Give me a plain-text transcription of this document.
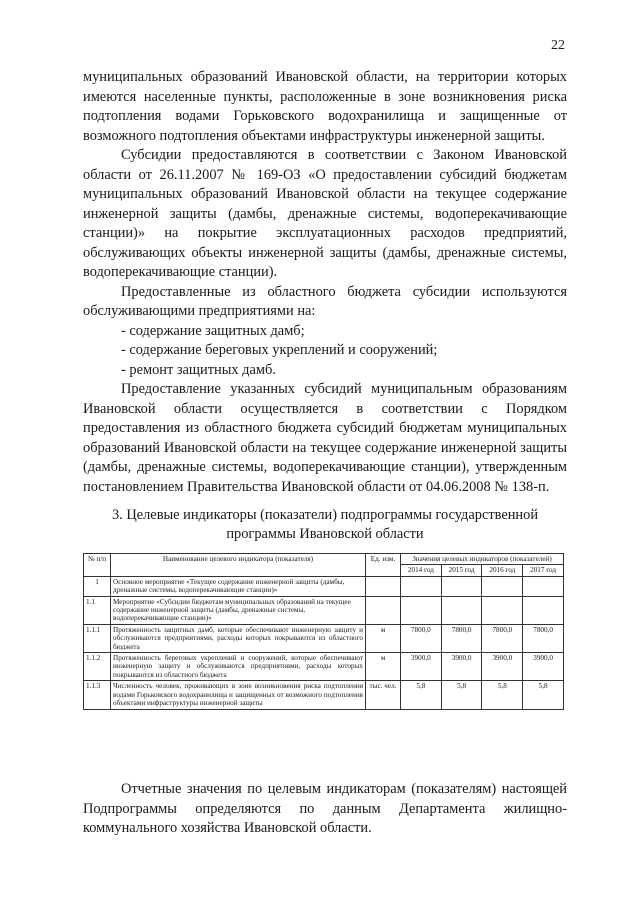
22

муниципальных образований Ивановской области, на территории которых имеются населенные пункты, расположенные в зоне возникновения риска подтопления водами Горьковского водохранилища и защищенные от возможного подтопления объектами инфраструктуры инженерной защиты.

Субсидии предоставляются в соответствии с Законом Ивановской области от 26.11.2007 № 169-ОЗ «О предоставлении субсидий бюджетам муниципальных образований Ивановской области на текущее содержание инженерной защиты (дамбы, дренажные системы, водоперекачивающие станции)» на покрытие эксплуатационных расходов предприятий, обслуживающих объекты инженерной защиты (дамбы, дренажные системы, водоперекачивающие станции).

Предоставленные из областного бюджета субсидии используются обслуживающими предприятиями на:

- содержание защитных дамб;

- содержание береговых укреплений и сооружений;

- ремонт защитных дамб.

Предоставление указанных субсидий муниципальным образованиям Ивановской области осуществляется в соответствии с Порядком предоставления из областного бюджета субсидий бюджетам муниципальных образований Ивановской области на текущее содержание инженерной защиты (дамбы, дренажные системы, водоперекачивающие станции), утвержденным постановлением Правительства Ивановской области от 04.06.2008 № 138-п.

3. Целевые индикаторы (показатели) подпрограммы государственной программы Ивановской области
№ п/п	Наименование целевого индикатора (показателя)	Ед. изм.	Значения целевых индикаторов (показателей)			
			2014 год	2015 год	2016 год	2017 год
1	Основное мероприятие «Текущее содержание инженерной защиты (дамбы, дренажные системы, водоперекачивающие станции)»					
1.1	Мероприятие «Субсидии бюджетам муниципальных образований на текущее содержание инженерной защиты (дамбы, дренажные системы, водоперекачивающие станции)»					
1.1.1	Протяженность защитных дамб, которые обеспечивают инженерную защиту и обслуживаются предприятиями, расходы которых покрываются из областного бюджета	м	7800,0	7800,0	7800,0	7800,0
1.1.2	Протяженность береговых укреплений и сооружений, которые обеспечивают инженерную защиту и обслуживаются предприятиями, расходы которых покрываются из областного бюджета	м	3900,0	3900,0	3900,0	3900,0
1.1.3	Численность человек, проживающих в зоне возникновения риска подтопления водами Горьковского водохранилища и защищенных от возможного подтопления объектами инфраструктуры инженерной защиты	тыс. чел.	5,8	5,8	5,8	5,8

Отчетные значения по целевым индикаторам (показателям) настоящей Подпрограммы определяются по данным Департамента жилищно-коммунального хозяйства Ивановской области.
